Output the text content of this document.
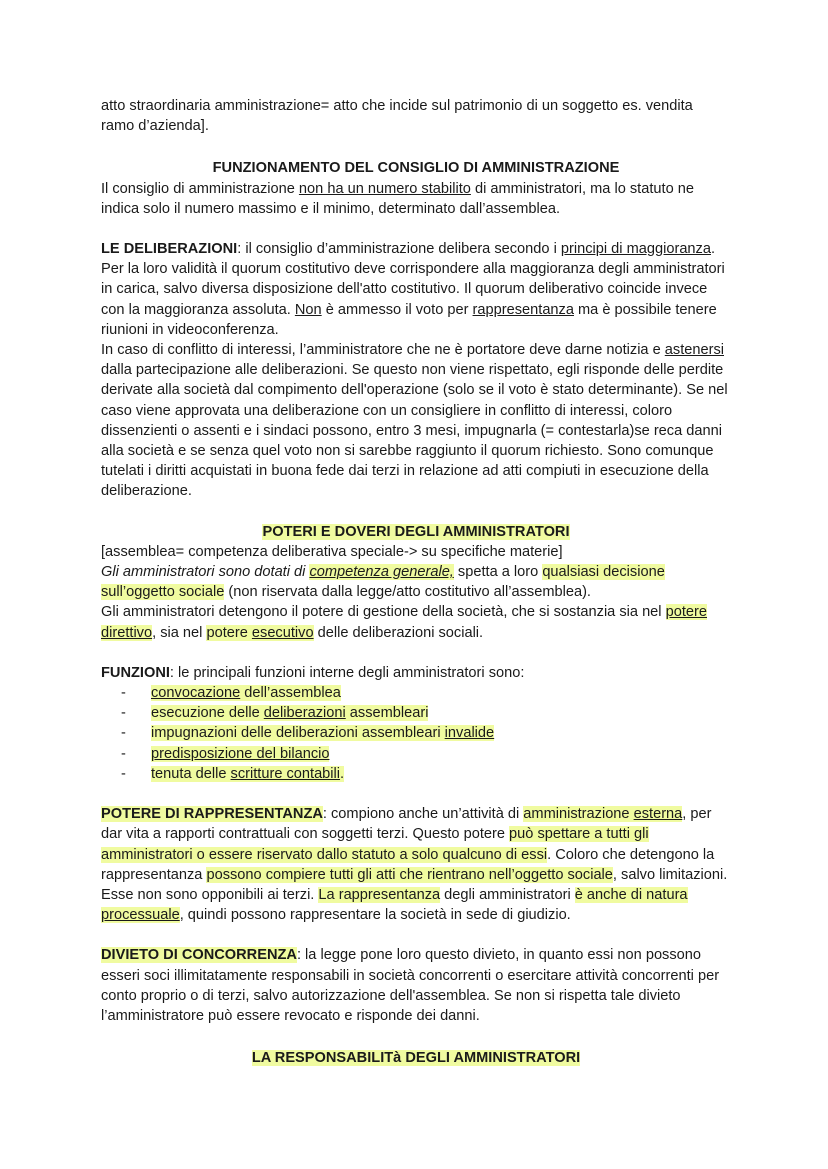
atto straordinaria amministrazione= atto che incide sul patrimonio di un soggetto es. vendita
ramo d’azienda].

FUNZIONAMENTO DEL CONSIGLIO DI AMMINISTRAZIONE

Il consiglio di amministrazione non ha un numero stabilito di amministratori, ma lo statuto ne indica solo il numero massimo e il minimo, determinato dall’assemblea.

LE DELIBERAZIONI: il consiglio d’amministrazione delibera secondo i principi di maggioranza. Per la loro validità il quorum costitutivo deve corrispondere alla maggioranza degli amministratori in carica, salvo diversa disposizione dell'atto costitutivo. Il quorum deliberativo coincide invece con la maggioranza assoluta. Non è ammesso il voto per rappresentanza ma è possibile tenere riunioni in videoconferenza.

In caso di conflitto di interessi, l’amministratore che ne è portatore deve darne notizia e astenersi dalla partecipazione alle deliberazioni. Se questo non viene rispettato, egli risponde delle perdite derivate alla società dal compimento dell'operazione (solo se il voto è stato determinante). Se nel caso viene approvata una deliberazione con un consigliere in conflitto di interessi, coloro dissenzienti o assenti e i sindaci possono, entro 3 mesi, impugnarla (= contestarla)se reca danni alla società e se senza quel voto non si sarebbe raggiunto il quorum richiesto. Sono comunque tutelati i diritti acquistati in buona fede dai terzi in relazione ad atti compiuti in esecuzione della deliberazione.

POTERI E DOVERI DEGLI AMMINISTRATORI

[assemblea= competenza deliberativa speciale-> su specifiche materie]

Gli amministratori sono dotati di competenza generale, spetta a loro qualsiasi decisione sull’oggetto sociale (non riservata dalla legge/atto costitutivo all’assemblea).

Gli amministratori detengono il potere di gestione della società, che si sostanzia sia nel potere direttivo, sia nel potere esecutivo delle deliberazioni sociali.

FUNZIONI: le principali funzioni interne degli amministratori sono:

- convocazione dell’assemblea
- esecuzione delle deliberazioni assembleari
- impugnazioni delle deliberazioni assembleari invalide
- predisposizione del bilancio
- tenuta delle scritture contabili.

POTERE DI RAPPRESENTANZA: compiono anche un’attività di amministrazione esterna, per dar vita a rapporti contrattuali con soggetti terzi. Questo potere può spettare a tutti gli amministratori o essere riservato dallo statuto a solo qualcuno di essi. Coloro che detengono la rappresentanza possono compiere tutti gli atti che rientrano nell’oggetto sociale, salvo limitazioni. Esse non sono opponibili ai terzi. La rappresentanza degli amministratori è anche di natura processuale, quindi possono rappresentare la società in sede di giudizio.

DIVIETO DI CONCORRENZA: la legge pone loro questo divieto, in quanto essi non possono esseri soci illimitatamente responsabili in società concorrenti o esercitare attività concorrenti per conto proprio o di terzi, salvo autorizzazione dell'assemblea. Se non si rispetta tale divieto l’amministratore può essere revocato e risponde dei danni.

LA RESPONSABILITà DEGLI AMMINISTRATORI
